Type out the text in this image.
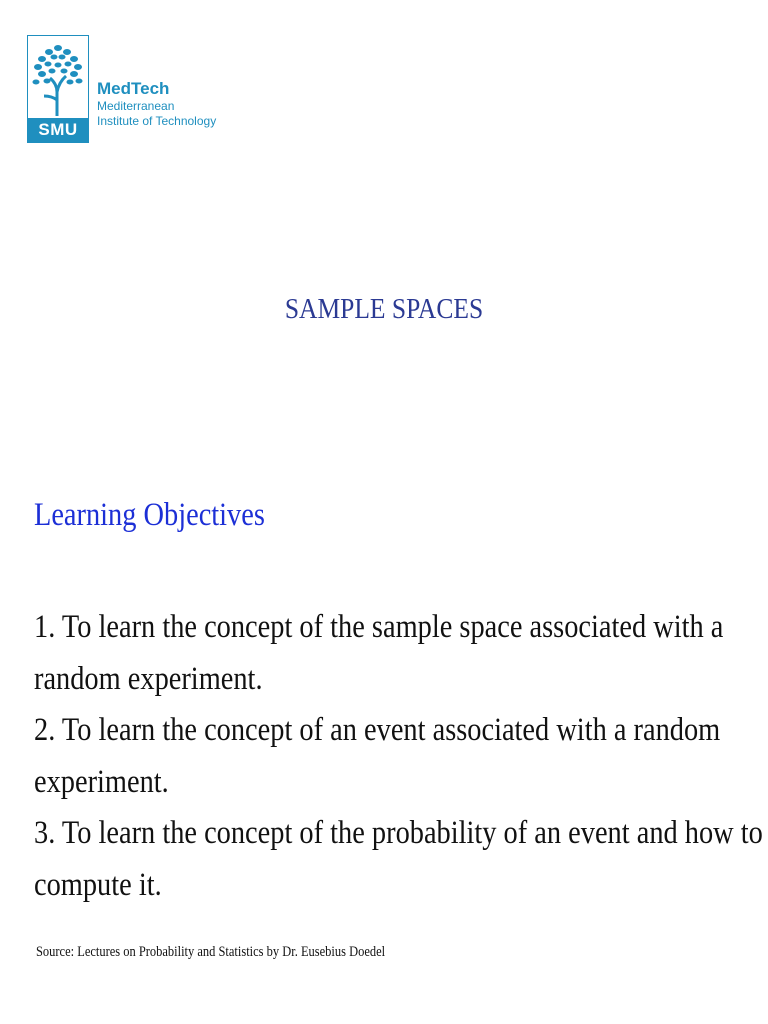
SMU
MedTech
Mediterranean
Institute of Technology
SAMPLE SPACES
Learning Objectives
1. To learn the concept of the sample space associated with a
random experiment.
2. To learn the concept of an event associated with a random
experiment.
3. To learn the concept of the probability of an event and how to
compute it.
Source: Lectures on Probability and Statistics by Dr. Eusebius Doedel
